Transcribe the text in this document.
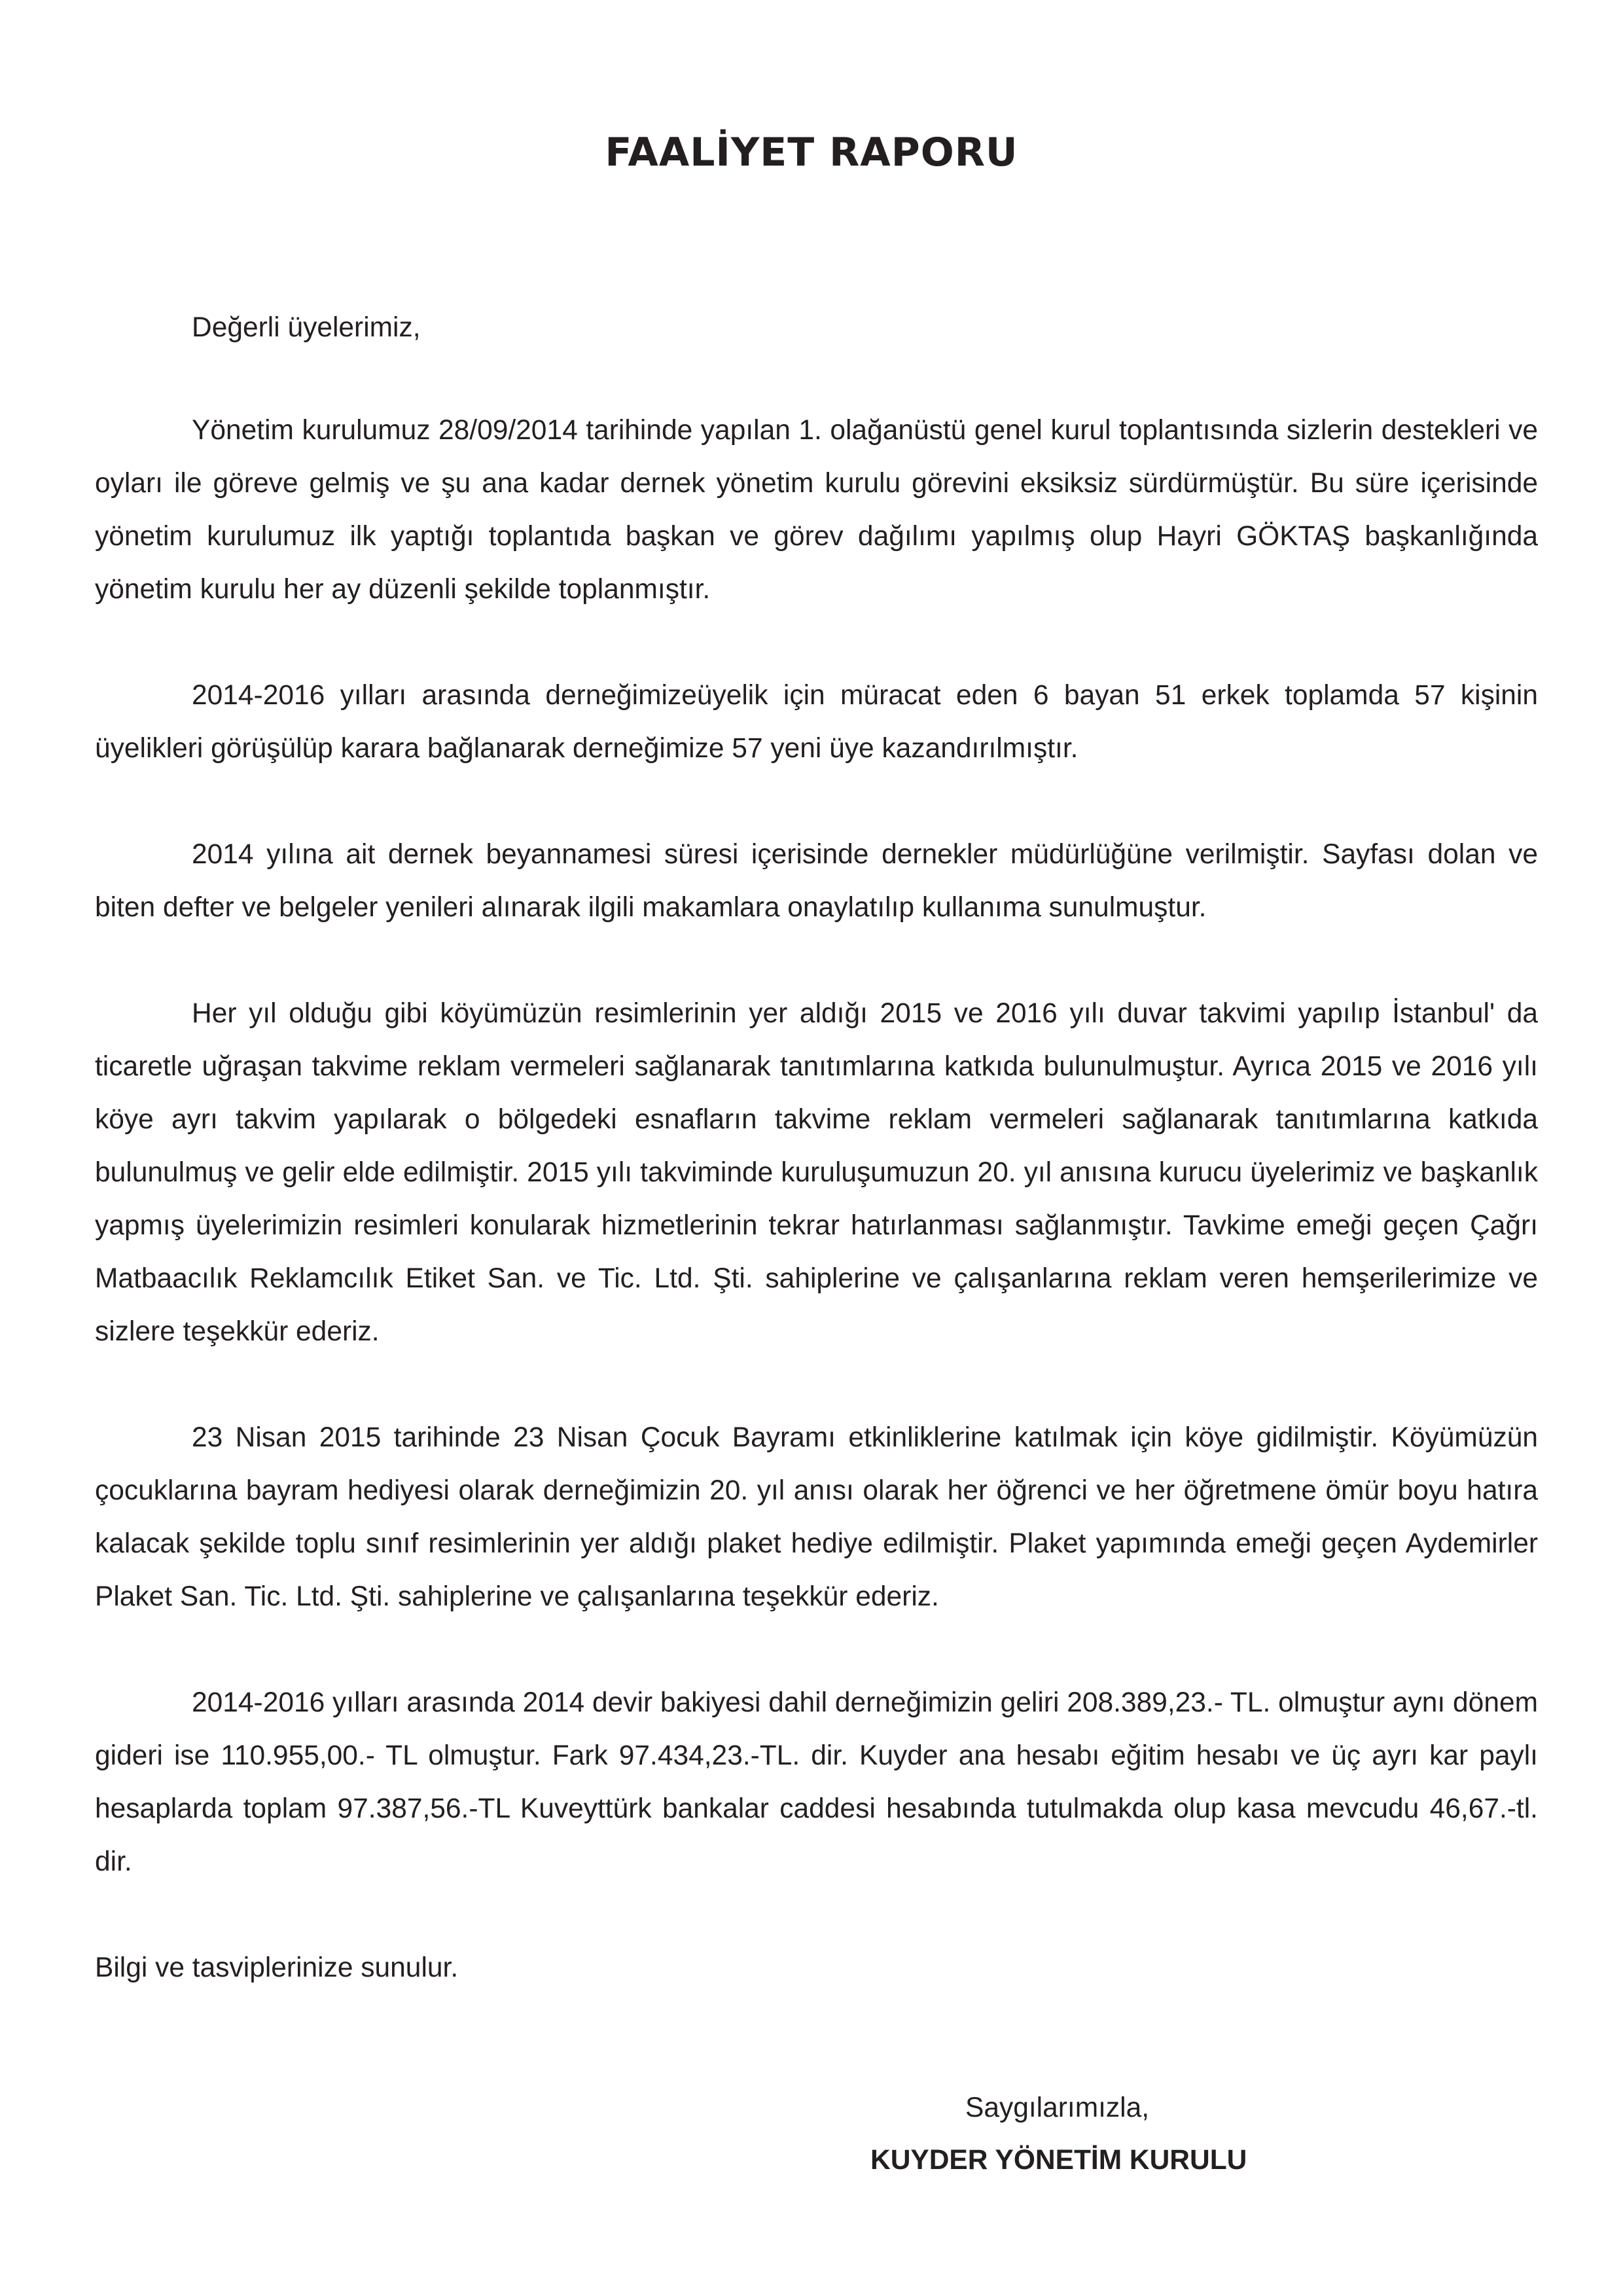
FAALİYET RAPORU

Değerli üyelerimiz,

Yönetim kurulumuz 28/09/2014 tarihinde yapılan 1. olağanüstü genel kurul toplantısında sizlerin destekleri ve oyları ile göreve gelmiş ve şu ana kadar dernek yönetim kurulu görevini eksiksiz sürdürmüştür. Bu süre içerisinde yönetim kurulumuz ilk yaptığı toplantıda başkan ve görev dağılımı yapılmış olup Hayri GÖKTAŞ başkanlığında yönetim kurulu her ay düzenli şekilde toplanmıştır.

2014-2016 yılları arasında derneğimizeüyelik için müracat eden 6 bayan 51 erkek toplamda 57 kişinin üyelikleri görüşülüp karara bağlanarak derneğimize 57 yeni üye kazandırılmıştır.

2014 yılına ait dernek beyannamesi süresi içerisinde dernekler müdürlüğüne verilmiştir. Sayfası dolan ve biten defter ve belgeler yenileri alınarak ilgili makamlara onaylatılıp kullanıma sunulmuştur.

Her yıl olduğu gibi köyümüzün resimlerinin yer aldığı 2015 ve 2016 yılı duvar takvimi yapılıp İstanbul' da ticaretle uğraşan takvime reklam vermeleri sağlanarak tanıtımlarına katkıda bulunulmuştur. Ayrıca 2015 ve 2016 yılı köye ayrı takvim yapılarak o bölgedeki esnafların takvime reklam vermeleri sağlanarak tanıtımlarına katkıda bulunulmuş ve gelir elde edilmiştir. 2015 yılı takviminde kuruluşumuzun 20. yıl anısına kurucu üyelerimiz ve başkanlık yapmış üyelerimizin resimleri konularak hizmetlerinin tekrar hatırlanması sağlanmıştır. Tavkime emeği geçen Çağrı Matbaacılık Reklamcılık Etiket San. ve Tic. Ltd. Şti. sahiplerine ve çalışanlarına reklam veren hemşerilerimize ve sizlere teşekkür ederiz.

23 Nisan 2015 tarihinde 23 Nisan Çocuk Bayramı etkinliklerine katılmak için köye gidilmiştir. Köyümüzün çocuklarına bayram hediyesi olarak derneğimizin 20. yıl anısı olarak her öğrenci ve her öğretmene ömür boyu hatıra kalacak şekilde toplu sınıf resimlerinin yer aldığı plaket hediye edilmiştir. Plaket yapımında emeği geçen Aydemirler Plaket San. Tic. Ltd. Şti. sahiplerine ve çalışanlarına teşekkür ederiz.

2014-2016 yılları arasında 2014 devir bakiyesi dahil derneğimizin geliri 208.389,23.- TL. olmuştur aynı dönem gideri ise 110.955,00.- TL olmuştur. Fark 97.434,23.-TL. dir. Kuyder ana hesabı eğitim hesabı ve üç ayrı kar paylı hesaplarda toplam 97.387,56.-TL Kuveyttürk bankalar caddesi hesabında tutulmakda olup kasa mevcudu 46,67.-tl. dir.

Bilgi ve tasviplerinize sunulur.

Saygılarımızla,

KUYDER YÖNETİM KURULU
